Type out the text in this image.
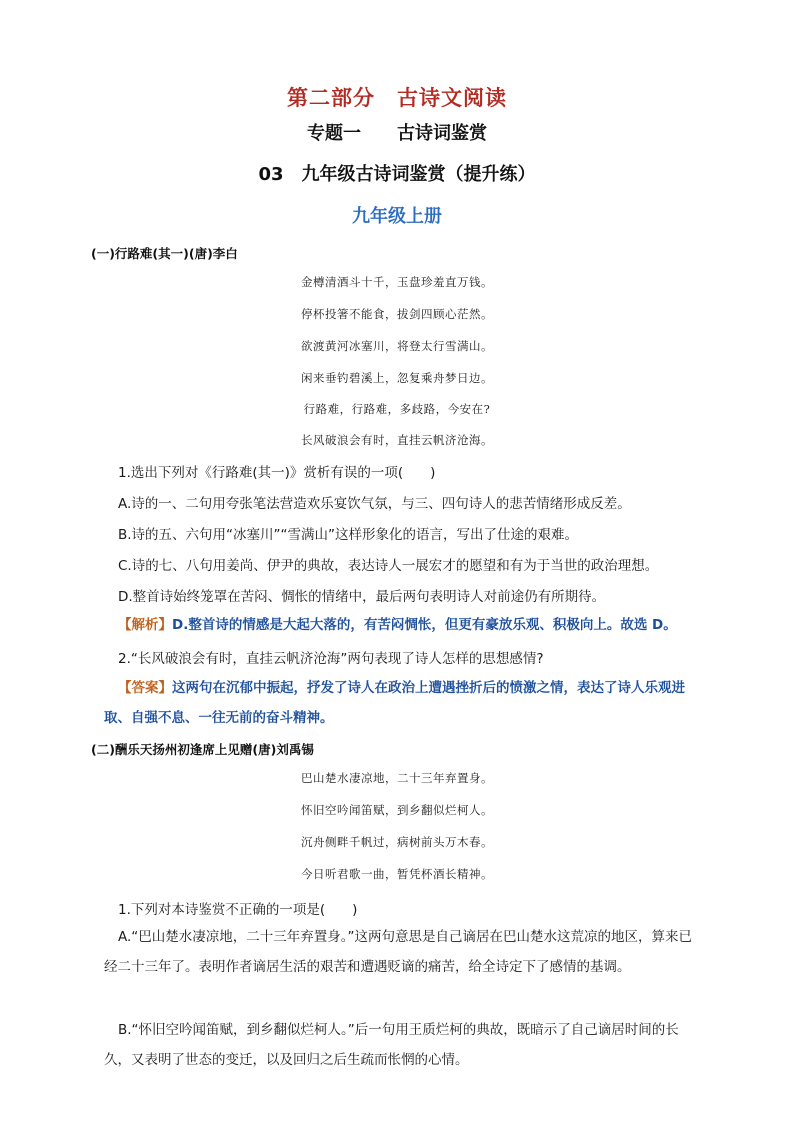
第二部分　古诗文阅读
专题一　　古诗词鉴赏
03　九年级古诗词鉴赏（提升练）
九年级上册
(一)行路难(其一)(唐)李白
金樽清酒斗十千，玉盘珍羞直万钱。
停杯投箸不能食，拔剑四顾心茫然。
欲渡黄河冰塞川，将登太行雪满山。
闲来垂钓碧溪上，忽复乘舟梦日边。
行路难，行路难，多歧路，今安在?
长风破浪会有时，直挂云帆济沧海。
1.选出下列对《行路难(其一)》赏析有误的一项(　　)
A.诗的一、二句用夸张笔法营造欢乐宴饮气氛，与三、四句诗人的悲苦情绪形成反差。
B.诗的五、六句用“冰塞川”“雪满山”这样形象化的语言，写出了仕途的艰难。
C.诗的七、八句用姜尚、伊尹的典故，表达诗人一展宏才的愿望和有为于当世的政治理想。
D.整首诗始终笼罩在苦闷、惆怅的情绪中，最后两句表明诗人对前途仍有所期待。
【解析】D.整首诗的情感是大起大落的，有苦闷惆怅，但更有豪放乐观、积极向上。故选 D。
2.“长风破浪会有时，直挂云帆济沧海”两句表现了诗人怎样的思想感情?
【答案】这两句在沉郁中振起，抒发了诗人在政治上遭遇挫折后的愤激之情，表达了诗人乐观进取、自强不息、一往无前的奋斗精神。
(二)酬乐天扬州初逢席上见赠(唐)刘禹锡
巴山楚水凄凉地，二十三年弃置身。
怀旧空吟闻笛赋，到乡翻似烂柯人。
沉舟侧畔千帆过，病树前头万木春。
今日听君歌一曲，暂凭杯酒长精神。
1.下列对本诗鉴赏不正确的一项是(　　)
A.“巴山楚水凄凉地，二十三年弃置身。”这两句意思是自己谪居在巴山楚水这荒凉的地区，算来已经二十三年了。表明作者谪居生活的艰苦和遭遇贬谪的痛苦，给全诗定下了感情的基调。
B.“怀旧空吟闻笛赋，到乡翻似烂柯人。”后一句用王质烂柯的典故，既暗示了自己谪居时间的长久，又表明了世态的变迁，以及回归之后生疏而怅惘的心情。
